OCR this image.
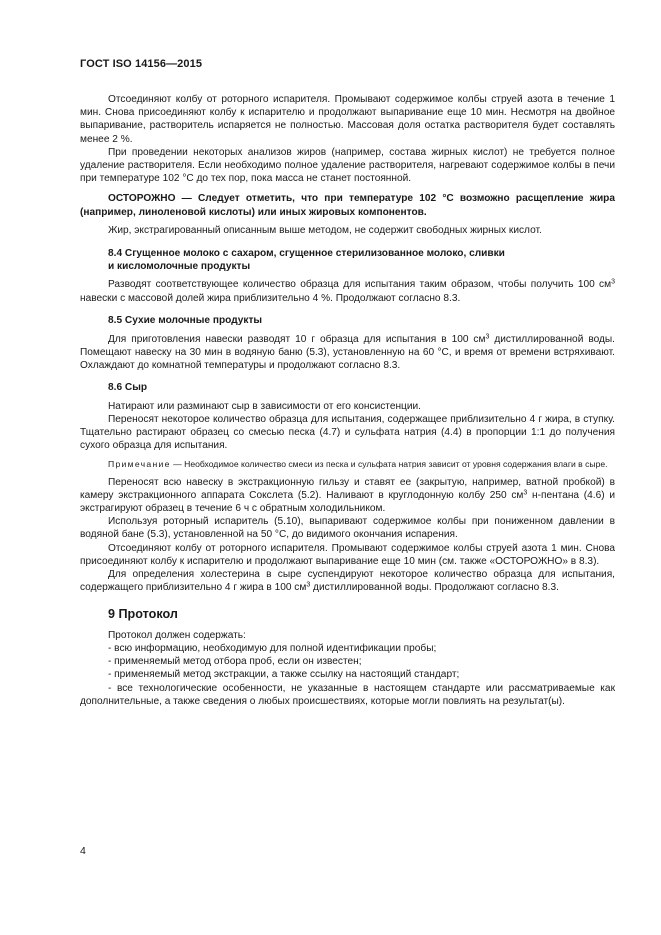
ГОСТ ISO 14156—2015

Отсоединяют колбу от роторного испарителя. Промывают содержимое колбы струей азота в течение 1 мин. Снова присоединяют колбу к испарителю и продолжают выпаривание еще 10 мин. Несмотря на двойное выпаривание, растворитель испаряется не полностью. Массовая доля остатка растворителя будет составлять менее 2 %.

При проведении некоторых анализов жиров (например, состава жирных кислот) не требуется полное удаление растворителя. Если необходимо полное удаление растворителя, нагревают содержимое колбы в печи при температуре 102 °С до тех пор, пока масса не станет постоянной.

ОСТОРОЖНО — Следует отметить, что при температуре 102 °С возможно расщепление жира (например, линоленовой кислоты) или иных жировых компонентов.

Жир, экстрагированный описанным выше методом, не содержит свободных жирных кислот.

8.4 Сгущенное молоко с сахаром, сгущенное стерилизованное молоко, сливки
и кисломолочные продукты

Разводят соответствующее количество образца для испытания таким образом, чтобы получить 100 $см^3$ навески с массовой долей жира приблизительно 4 %. Продолжают согласно 8.3.

8.5 Сухие молочные продукты

Для приготовления навески разводят 10 г образца для испытания в 100 $см^3$ дистиллированной воды. Помещают навеску на 30 мин в водяную баню (5.3), установленную на 60 °С, и время от времени встряхивают. Охлаждают до комнатной температуры и продолжают согласно 8.3.

8.6 Сыр

Натирают или разминают сыр в зависимости от его консистенции.

Переносят некоторое количество образца для испытания, содержащее приблизительно 4 г жира, в ступку. Тщательно растирают образец со смесью песка (4.7) и сульфата натрия (4.4) в пропорции 1:1 до получения сухого образца для испытания.

Примечание — Необходимое количество смеси из песка и сульфата натрия зависит от уровня содержания влаги в сыре.

Переносят всю навеску в экстракционную гильзу и ставят ее (закрытую, например, ватной пробкой) в камеру экстракционного аппарата Сокслета (5.2). Наливают в круглодонную колбу 250 $см^3$ н-пентана (4.6) и экстрагируют образец в течение 6 ч с обратным холодильником.

Используя роторный испаритель (5.10), выпаривают содержимое колбы при пониженном давлении в водяной бане (5.3), установленной на 50 °С, до видимого окончания испарения.

Отсоединяют колбу от роторного испарителя. Промывают содержимое колбы струей азота 1 мин. Снова присоединяют колбу к испарителю и продолжают выпаривание еще 10 мин (см. также «ОСТОРОЖНО» в 8.3).

Для определения холестерина в сыре суспендируют некоторое количество образца для испытания, содержащего приблизительно 4 г жира в 100 $см^3$ дистиллированной воды. Продолжают согласно 8.3.

9 Протокол

Протокол должен содержать:

- всю информацию, необходимую для полной идентификации пробы;

- применяемый метод отбора проб, если он известен;

- применяемый метод экстракции, а также ссылку на настоящий стандарт;

- все технологические особенности, не указанные в настоящем стандарте или рассматриваемые как дополнительные, а также сведения о любых происшествиях, которые могли повлиять на результат(ы).

4
